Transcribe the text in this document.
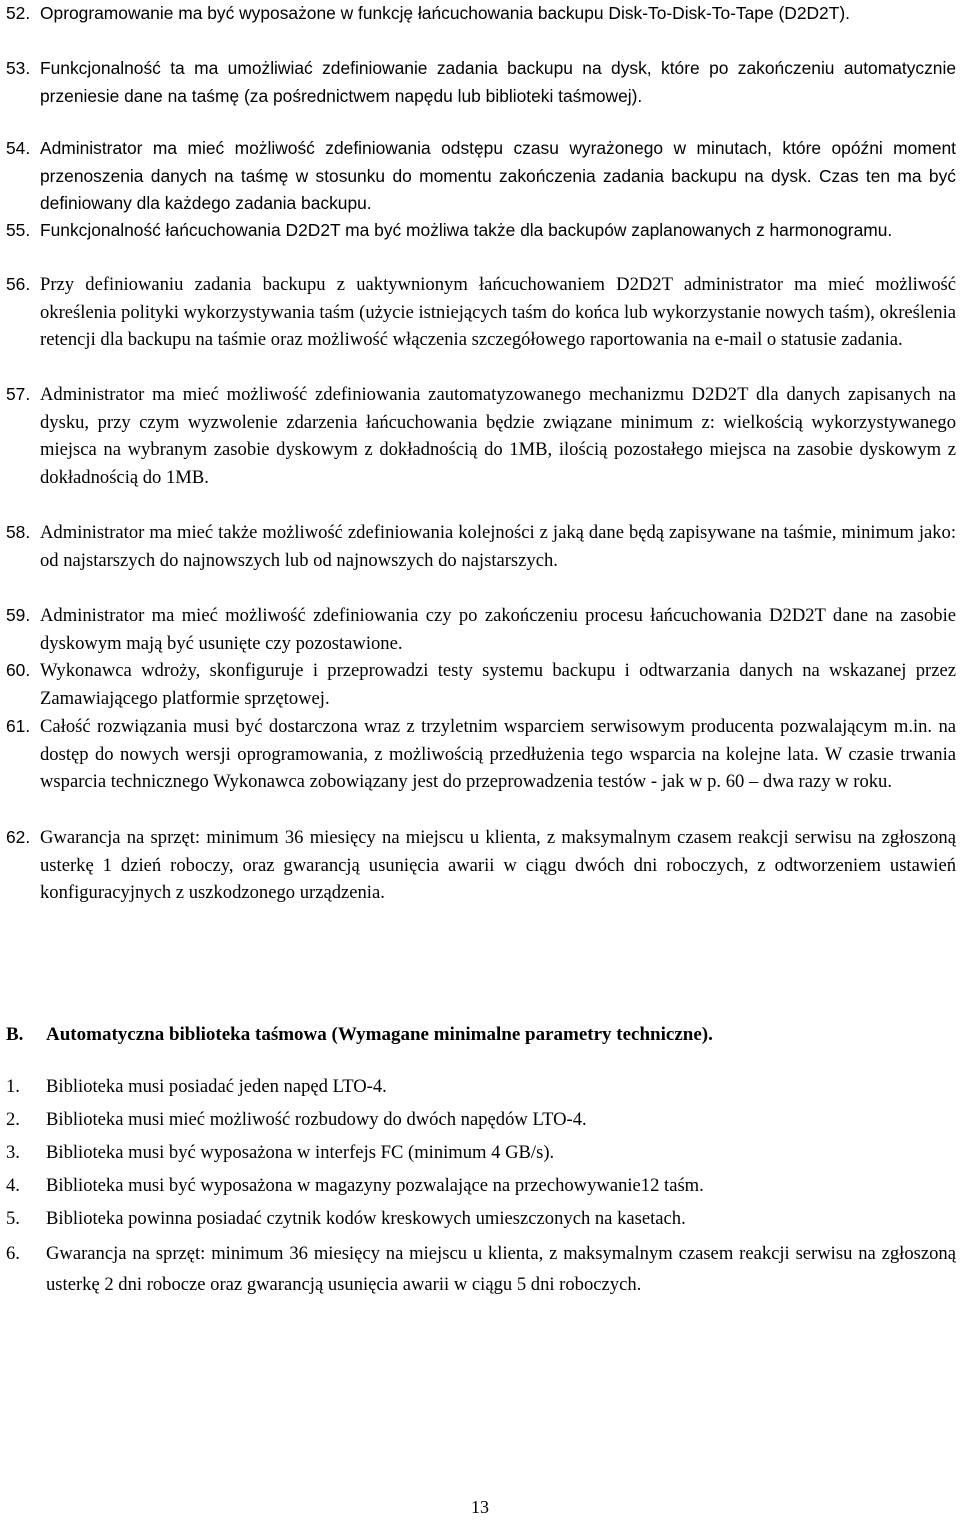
52. Oprogramowanie ma być wyposażone w funkcję łańcuchowania backupu Disk-To-Disk-To-Tape (D2D2T).
53. Funkcjonalność ta ma umożliwiać zdefiniowanie zadania backupu na dysk, które po zakończeniu automatycznie przeniesie dane na taśmę (za pośrednictwem napędu lub biblioteki taśmowej).
54. Administrator ma mieć możliwość zdefiniowania odstępu czasu wyrażonego w minutach, które opóźni moment przenoszenia danych na taśmę w stosunku do momentu zakończenia zadania backupu na dysk. Czas ten ma być definiowany dla każdego zadania backupu.
55. Funkcjonalność łańcuchowania D2D2T ma być możliwa także dla backupów zaplanowanych z harmonogramu.
56. Przy definiowaniu zadania backupu z uaktywnionym łańcuchowaniem D2D2T administrator ma mieć możliwość określenia polityki wykorzystywania taśm (użycie istniejących taśm do końca lub wykorzystanie nowych taśm), określenia retencji dla backupu na taśmie oraz możliwość włączenia szczegółowego raportowania na e-mail o statusie zadania.
57. Administrator ma mieć możliwość zdefiniowania zautomatyzowanego mechanizmu D2D2T dla danych zapisanych na dysku, przy czym wyzwolenie zdarzenia łańcuchowania będzie związane minimum z: wielkością wykorzystywanego miejsca na wybranym zasobie dyskowym z dokładnością do 1MB, ilością pozostałego miejsca na zasobie dyskowym z dokładnością do 1MB.
58. Administrator ma mieć także możliwość zdefiniowania kolejności z jaką dane będą zapisywane na taśmie, minimum jako: od najstarszych do najnowszych lub od najnowszych do najstarszych.
59. Administrator ma mieć możliwość zdefiniowania czy po zakończeniu procesu łańcuchowania D2D2T dane na zasobie dyskowym mają być usunięte czy pozostawione.
60. Wykonawca wdroży, skonfiguruje i przeprowadzi testy systemu backupu i odtwarzania danych na wskazanej przez Zamawiającego platformie sprzętowej.
61. Całość rozwiązania musi być dostarczona wraz z trzyletnim wsparciem serwisowym producenta pozwalającym m.in. na dostęp do nowych wersji oprogramowania, z możliwością przedłużenia tego wsparcia na kolejne lata. W czasie trwania wsparcia technicznego Wykonawca zobowiązany jest do przeprowadzenia testów - jak w p. 60 – dwa razy w roku.
62. Gwarancja na sprzęt: minimum 36 miesięcy na miejscu u klienta, z maksymalnym czasem reakcji serwisu na zgłoszoną usterkę 1 dzień roboczy, oraz gwarancją usunięcia awarii w ciągu dwóch dni roboczych, z odtworzeniem ustawień konfiguracyjnych z uszkodzonego urządzenia.
B.	Automatyczna biblioteka taśmowa (Wymagane minimalne parametry techniczne).
1.	Biblioteka musi posiadać jeden napęd LTO-4.
2.	Biblioteka musi mieć możliwość rozbudowy do dwóch napędów LTO-4.
3.	Biblioteka musi być wyposażona w interfejs FC (minimum 4 GB/s).
4.	Biblioteka musi być wyposażona w magazyny pozwalające na przechowywanie12 taśm.
5.	Biblioteka powinna posiadać czytnik kodów kreskowych umieszczonych na kasetach.
6.	Gwarancja na sprzęt: minimum 36 miesięcy na miejscu u klienta, z maksymalnym czasem reakcji serwisu na zgłoszoną usterkę 2 dni robocze oraz gwarancją usunięcia awarii w ciągu 5 dni roboczych.
13
